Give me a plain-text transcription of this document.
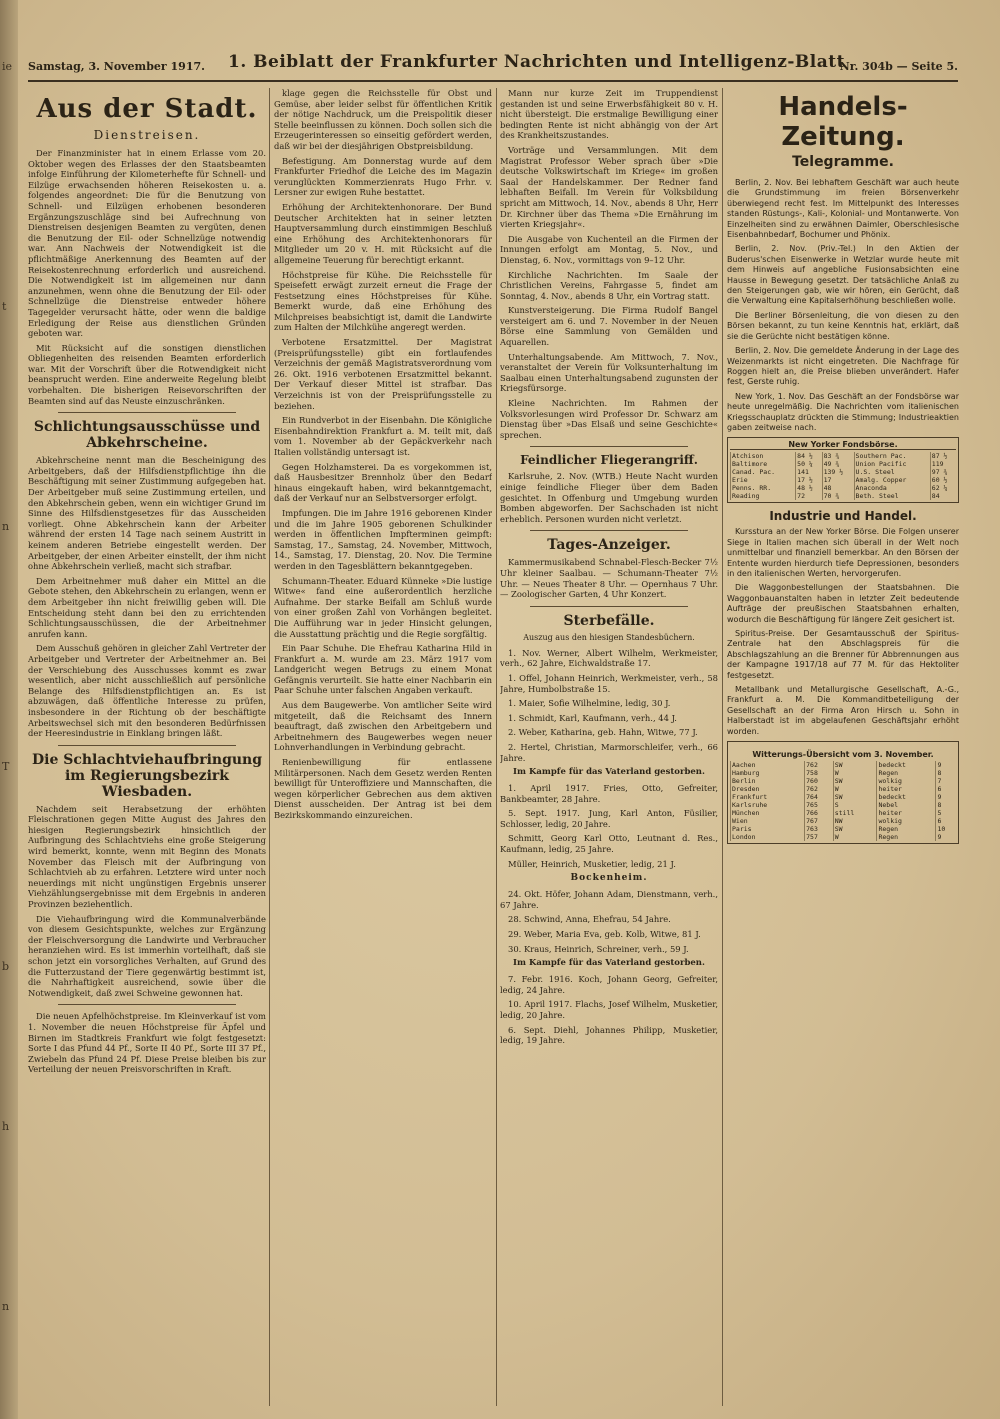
ie
t
n
T
b
h
n
Samstag, 3. November 1917. 1. Beiblatt der Frankfurter Nachrichten und Intelligenz-Blatt
Nr. 304b — Seite 5.
Aus der Stadt.
Dienstreisen.

Der Finanzminister hat in einem Erlasse vom 20. Oktober wegen des Erlasses der den Staatsbeamten infolge Einführung der Kilometerhefte für Schnell- und Eilzüge erwachsenden höheren Reisekosten u. a. folgendes angeordnet: Die für die Benutzung von Schnell- und Eilzügen erhobenen besonderen Ergänzungszuschläge sind bei Aufrechnung von Dienstreisen desjenigen Beamten zu vergüten, denen die Benutzung der Eil- oder Schnellzüge notwendig war. Ann Nachweis der Notwendigkeit ist die pflichtmäßige Anerkennung des Beamten auf der Reisekostenrechnung erforderlich und ausreichend. Die Notwendigkeit ist im allgemeinen nur dann anzunehmen, wenn ohne die Benutzung der Eil- oder Schnellzüge die Dienstreise entweder höhere Tagegelder verursacht hätte, oder wenn die baldige Erledigung der Reise aus dienstlichen Gründen geboten war.

Mit Rücksicht auf die sonstigen dienstlichen Obliegenheiten des reisenden Beamten erforderlich war. Mit der Vorschrift über die Rotwendigkeit nicht beansprucht werden. Eine anderweite Regelung bleibt vorbehalten. Die bisherigen Reisevorschriften der Beamten sind auf das Neuste einzuschränken.

Schlichtungsausschüsse und Abkehrscheine.

Abkehrscheine nennt man die Bescheinigung des Arbeitgebers, daß der Hilfsdienstpflichtige ihn die Beschäftigung mit seiner Zustimmung aufgegeben hat. Der Arbeitgeber muß seine Zustimmung erteilen, und den Abkehrschein geben, wenn ein wichtiger Grund im Sinne des Hilfsdienstgesetzes für das Ausscheiden vorliegt. Ohne Abkehrschein kann der Arbeiter während der ersten 14 Tage nach seinem Austritt in keinem anderen Betriebe eingestellt werden. Der Arbeitgeber, der einen Arbeiter einstellt, der ihm nicht ohne Abkehrschein verließ, macht sich strafbar.

Dem Arbeitnehmer muß daher ein Mittel an die Gebote stehen, den Abkehrschein zu erlangen, wenn er dem Arbeitgeber ihn nicht freiwillig geben will. Die Entscheidung steht dann bei den zu errichtenden Schlichtungsausschüssen, die der Arbeitnehmer anrufen kann.

Dem Ausschuß gehören in gleicher Zahl Vertreter der Arbeitgeber und Vertreter der Arbeitnehmer an. Bei der Verschiebung des Ausschusses kommt es zwar wesentlich, aber nicht ausschließlich auf persönliche Belange des Hilfsdienstpflichtigen an. Es ist abzuwägen, daß öffentliche Interesse zu prüfen, insbesondere in der Richtung ob der beschäftigte Arbeitswechsel sich mit den besonderen Bedürfnissen der Heeresindustrie in Einklang bringen läßt.

Die Schlachtviehaufbringung im Regierungsbezirk Wiesbaden.

Nachdem seit Herabsetzung der erhöhten Fleischrationen gegen Mitte August des Jahres den hiesigen Regierungsbezirk hinsichtlich der Aufbringung des Schlachtviehs eine große Steigerung wird bemerkt, konnte, wenn mit Beginn des Monats November das Fleisch mit der Aufbringung von Schlachtvieh ab zu erfahren. Letztere wird unter noch neuerdings mit nicht ungünstigen Ergebnis unserer Viehzählungsergebnisse mit dem Ergebnis in anderen Provinzen beziehentlich.

Die Viehaufbringung wird die Kommunalverbände von diesem Gesichtspunkte, welches zur Ergänzung der Fleischversorgung die Landwirte und Verbraucher heranziehen wird. Es ist immerhin vorteilhaft, daß sie schon jetzt ein vorsorgliches Verhalten, auf Grund des die Futterzustand der Tiere gegenwärtig bestimmt ist, die Nahrhaftigkeit ausreichend, sowie über die Notwendigkeit, daß zwei Schweine gewonnen hat.

Die neuen Apfelhöchstpreise. Im Kleinverkauf ist vom 1. November die neuen Höchstpreise für Äpfel und Birnen im Stadtkreis Frankfurt wie folgt festgesetzt: Sorte I das Pfund 44 Pf., Sorte II 40 Pf., Sorte III 37 Pf., Zwiebeln das Pfund 24 Pf. Diese Preise bleiben bis zur Verteilung der neuen Preisvorschriften in Kraft.

klage gegen die Reichsstelle für Obst und Gemüse, aber leider selbst für öffentlichen Kritik der nötige Nachdruck, um die Preispolitik dieser Stelle beeinflussen zu können. Doch sollen sich die Erzeugerinteressen so einseitig gefördert werden, daß wir bei der diesjährigen Obstpreisbildung.

Befestigung. Am Donnerstag wurde auf dem Frankfurter Friedhof die Leiche des im Magazin verunglückten Kommerzienrats Hugo Frhr. v. Lersner zur ewigen Ruhe bestattet.

Erhöhung der Architektenhonorare. Der Bund Deutscher Architekten hat in seiner letzten Hauptversammlung durch einstimmigen Beschluß eine Erhöhung des Architektenhonorars für Mitglieder um 20 v. H. mit Rücksicht auf die allgemeine Teuerung für berechtigt erkannt.

Höchstpreise für Kühe. Die Reichsstelle für Speisefett erwägt zurzeit erneut die Frage der Festsetzung eines Höchstpreises für Kühe. Bemerkt wurde, daß eine Erhöhung des Milchpreises beabsichtigt ist, damit die Landwirte zum Halten der Milchkühe angeregt werden.

Verbotene Ersatzmittel. Der Magistrat (Preisprüfungsstelle) gibt ein fortlaufendes Verzeichnis der gemäß Magistratsverordnung vom 26. Okt. 1916 verbotenen Ersatzmittel bekannt. Der Verkauf dieser Mittel ist strafbar. Das Verzeichnis ist von der Preisprüfungsstelle zu beziehen.

Ein Rundverbot in der Eisenbahn. Die Königliche Eisenbahndirektion Frankfurt a. M. teilt mit, daß vom 1. November ab der Gepäckverkehr nach Italien vollständig untersagt ist.

Gegen Holzhamsterei. Da es vorgekommen ist, daß Hausbesitzer Brennholz über den Bedarf hinaus eingekauft haben, wird bekanntgemacht, daß der Verkauf nur an Selbstversorger erfolgt.

Impfungen. Die im Jahre 1916 geborenen Kinder und die im Jahre 1905 geborenen Schulkinder werden in öffentlichen Impfterminen geimpft: Samstag, 17., Samstag, 24. November, Mittwoch, 14., Samstag, 17. Dienstag, 20. Nov. Die Termine werden in den Tagesblättern bekanntgegeben.

Schumann-Theater. Eduard Künneke »Die lustige Witwe« fand eine außerordentlich herzliche Aufnahme. Der starke Beifall am Schluß wurde von einer großen Zahl von Vorhängen begleitet. Die Aufführung war in jeder Hinsicht gelungen, die Ausstattung prächtig und die Regie sorgfältig.

Ein Paar Schuhe. Die Ehefrau Katharina Hild in Frankfurt a. M. wurde am 23. März 1917 vom Landgericht wegen Betrugs zu einem Monat Gefängnis verurteilt. Sie hatte einer Nachbarin ein Paar Schuhe unter falschen Angaben verkauft.

Aus dem Baugewerbe. Von amtlicher Seite wird mitgeteilt, daß die Reichsamt des Innern beauftragt, daß zwischen den Arbeitgebern und Arbeitnehmern des Baugewerbes wegen neuer Lohnverhandlungen in Verbindung gebracht.

Renienbewilligung für entlassene Militärpersonen. Nach dem Gesetz werden Renten bewilligt für Unteroffiziere und Mannschaften, die wegen körperlicher Gebrechen aus dem aktiven Dienst ausscheiden. Der Antrag ist bei dem Bezirkskommando einzureichen.

Mann nur kurze Zeit im Truppendienst gestanden ist und seine Erwerbsfähigkeit 80 v. H. nicht übersteigt. Die erstmalige Bewilligung einer bedingten Rente ist nicht abhängig von der Art des Krankheitszustandes.

Vorträge und Versammlungen. Mit dem Magistrat Professor Weber sprach über »Die deutsche Volkswirtschaft im Kriege« im großen Saal der Handelskammer. Der Redner fand lebhaften Beifall. Im Verein für Volksbildung spricht am Mittwoch, 14. Nov., abends 8 Uhr, Herr Dr. Kirchner über das Thema »Die Ernährung im vierten Kriegsjahr«.

Die Ausgabe von Kuchenteil an die Firmen der Innungen erfolgt am Montag, 5. Nov., und Dienstag, 6. Nov., vormittags von 9–12 Uhr.

Kirchliche Nachrichten. Im Saale der Christlichen Vereins, Fahrgasse 5, findet am Sonntag, 4. Nov., abends 8 Uhr, ein Vortrag statt.

Kunstversteigerung. Die Firma Rudolf Bangel versteigert am 6. und 7. November in der Neuen Börse eine Sammlung von Gemälden und Aquarellen.

Unterhaltungsabende. Am Mittwoch, 7. Nov., veranstaltet der Verein für Volksunterhaltung im Saalbau einen Unterhaltungsabend zugunsten der Kriegsfürsorge.

Kleine Nachrichten. Im Rahmen der Volksvorlesungen wird Professor Dr. Schwarz am Dienstag über »Das Elsaß und seine Geschichte« sprechen.

Feindlicher Fliegerangriff.

Karlsruhe, 2. Nov. (WTB.) Heute Nacht wurden einige feindliche Flieger über dem Baden gesichtet. In Offenburg und Umgebung wurden Bomben abgeworfen. Der Sachschaden ist nicht erheblich. Personen wurden nicht verletzt.

Tages-Anzeiger.

Kammermusikabend Schnabel-Flesch-Becker 7½ Uhr kleiner Saalbau. — Schumann-Theater 7½ Uhr. — Neues Theater 8 Uhr. — Opernhaus 7 Uhr. — Zoologischer Garten, 4 Uhr Konzert.

Sterbefälle.
Auszug aus den hiesigen Standesbüchern.

1. Nov. Werner, Albert Wilhelm, Werkmeister, verh., 62 Jahre, Eichwaldstraße 17.

1. Offel, Johann Heinrich, Werkmeister, verh., 58 Jahre, Humbolbstraße 15.

1. Maier, Sofie Wilhelmine, ledig, 30 J.

1. Schmidt, Karl, Kaufmann, verh., 44 J.

2. Weber, Katharina, geb. Hahn, Witwe, 77 J.

2. Hertel, Christian, Marmorschleifer, verh., 66 Jahre.

Im Kampfe für das Vaterland gestorben.

1. April 1917. Fries, Otto, Gefreiter, Bankbeamter, 28 Jahre.

5. Sept. 1917. Jung, Karl Anton, Füsilier, Schlosser, ledig, 20 Jahre.

Schmitt, Georg Karl Otto, Leutnant d. Res., Kaufmann, ledig, 25 Jahre.

Müller, Heinrich, Musketier, ledig, 21 J.

Bockenheim.

24. Okt. Höfer, Johann Adam, Dienstmann, verh., 67 Jahre.

28. Schwind, Anna, Ehefrau, 54 Jahre.

29. Weber, Maria Eva, geb. Kolb, Witwe, 81 J.

30. Kraus, Heinrich, Schreiner, verh., 59 J.

Im Kampfe für das Vaterland gestorben.

7. Febr. 1916. Koch, Johann Georg, Gefreiter, ledig, 24 Jahre.

10. April 1917. Flachs, Josef Wilhelm, Musketier, ledig, 20 Jahre.

6. Sept. Diehl, Johannes Philipp, Musketier, ledig, 19 Jahre.

Handels-Zeitung.
Telegramme.

Berlin, 2. Nov. Bei lebhaftem Geschäft war auch heute die Grundstimmung im freien Börsenverkehr überwiegend recht fest. Im Mittelpunkt des Interesses standen Rüstungs-, Kali-, Kolonial- und Montanwerte. Von Einzelheiten sind zu erwähnen Daimler, Oberschlesische Eisenbahnbedarf, Bochumer und Phönix.

Berlin, 2. Nov. (Priv.-Tel.) In den Aktien der Buderus'schen Eisenwerke in Wetzlar wurde heute mit dem Hinweis auf angebliche Fusionsabsichten eine Hausse in Bewegung gesetzt. Der tatsächliche Anlaß zu den Steigerungen gab, wie wir hören, ein Gerücht, daß die Verwaltung eine Kapitalserhöhung beschließen wolle.

Die Berliner Börsenleitung, die von diesen zu den Börsen bekannt, zu tun keine Kenntnis hat, erklärt, daß sie die Gerüchte nicht bestätigen könne.

Berlin, 2. Nov. Die gemeldete Änderung in der Lage des Weizenmarkts ist nicht eingetreten. Die Nachfrage für Roggen hielt an, die Preise blieben unverändert. Hafer fest, Gerste ruhig.

New York, 1. Nov. Das Geschäft an der Fondsbörse war heute unregelmäßig. Die Nachrichten vom italienischen Kriegsschauplatz drückten die Stimmung; Industrieaktien gaben zeitweise nach.

New Yorker Fondsbörse.
Atchison	84 ½	83 ¾	Southern Pac.	87 ½
Baltimore	50 ¼	49 ¾	Union Pacific	119
Canad. Pac.	141	139 ½	U.S. Steel	97 ¾
Erie	17 ½	17	Amalg. Copper	60 ½
Penns. RR.	48 ½	48	Anaconda	62 ¼
Reading	72	70 ¾	Beth. Steel	84
Industrie und Handel.

Kursstura an der New Yorker Börse. Die Folgen unserer Siege in Italien machen sich überall in der Welt noch unmittelbar und finanziell bemerkbar. An den Börsen der Entente wurden hierdurch tiefe Depressionen, besonders in den italienischen Werten, hervorgerufen.

Die Waggonbestellungen der Staatsbahnen. Die Waggonbauanstalten haben in letzter Zeit bedeutende Aufträge der preußischen Staatsbahnen erhalten, wodurch die Beschäftigung für längere Zeit gesichert ist.

Spiritus-Preise. Der Gesamtausschuß der Spiritus-Zentrale hat den Abschlagspreis für die Abschlagszahlung an die Brenner für Abbrennungen aus der Kampagne 1917/18 auf 77 M. für das Hektoliter festgesetzt.

Metallbank und Metallurgische Gesellschaft, A.-G., Frankfurt a. M. Die Kommanditbeteiligung der Gesellschaft an der Firma Aron Hirsch u. Sohn in Halberstadt ist im abgelaufenen Geschäftsjahr erhöht worden.

Witterungs-Übersicht vom 3. November.
Aachen	762	SW	bedeckt	9
Hamburg	758	W	Regen	8
Berlin	760	SW	wolkig	7
Dresden	762	W	heiter	6
Frankfurt	764	SW	bedeckt	9
Karlsruhe	765	S	Nebel	8
München	766	still	heiter	5
Wien	767	NW	wolkig	6
Paris	763	SW	Regen	10
London	757	W	Regen	9
